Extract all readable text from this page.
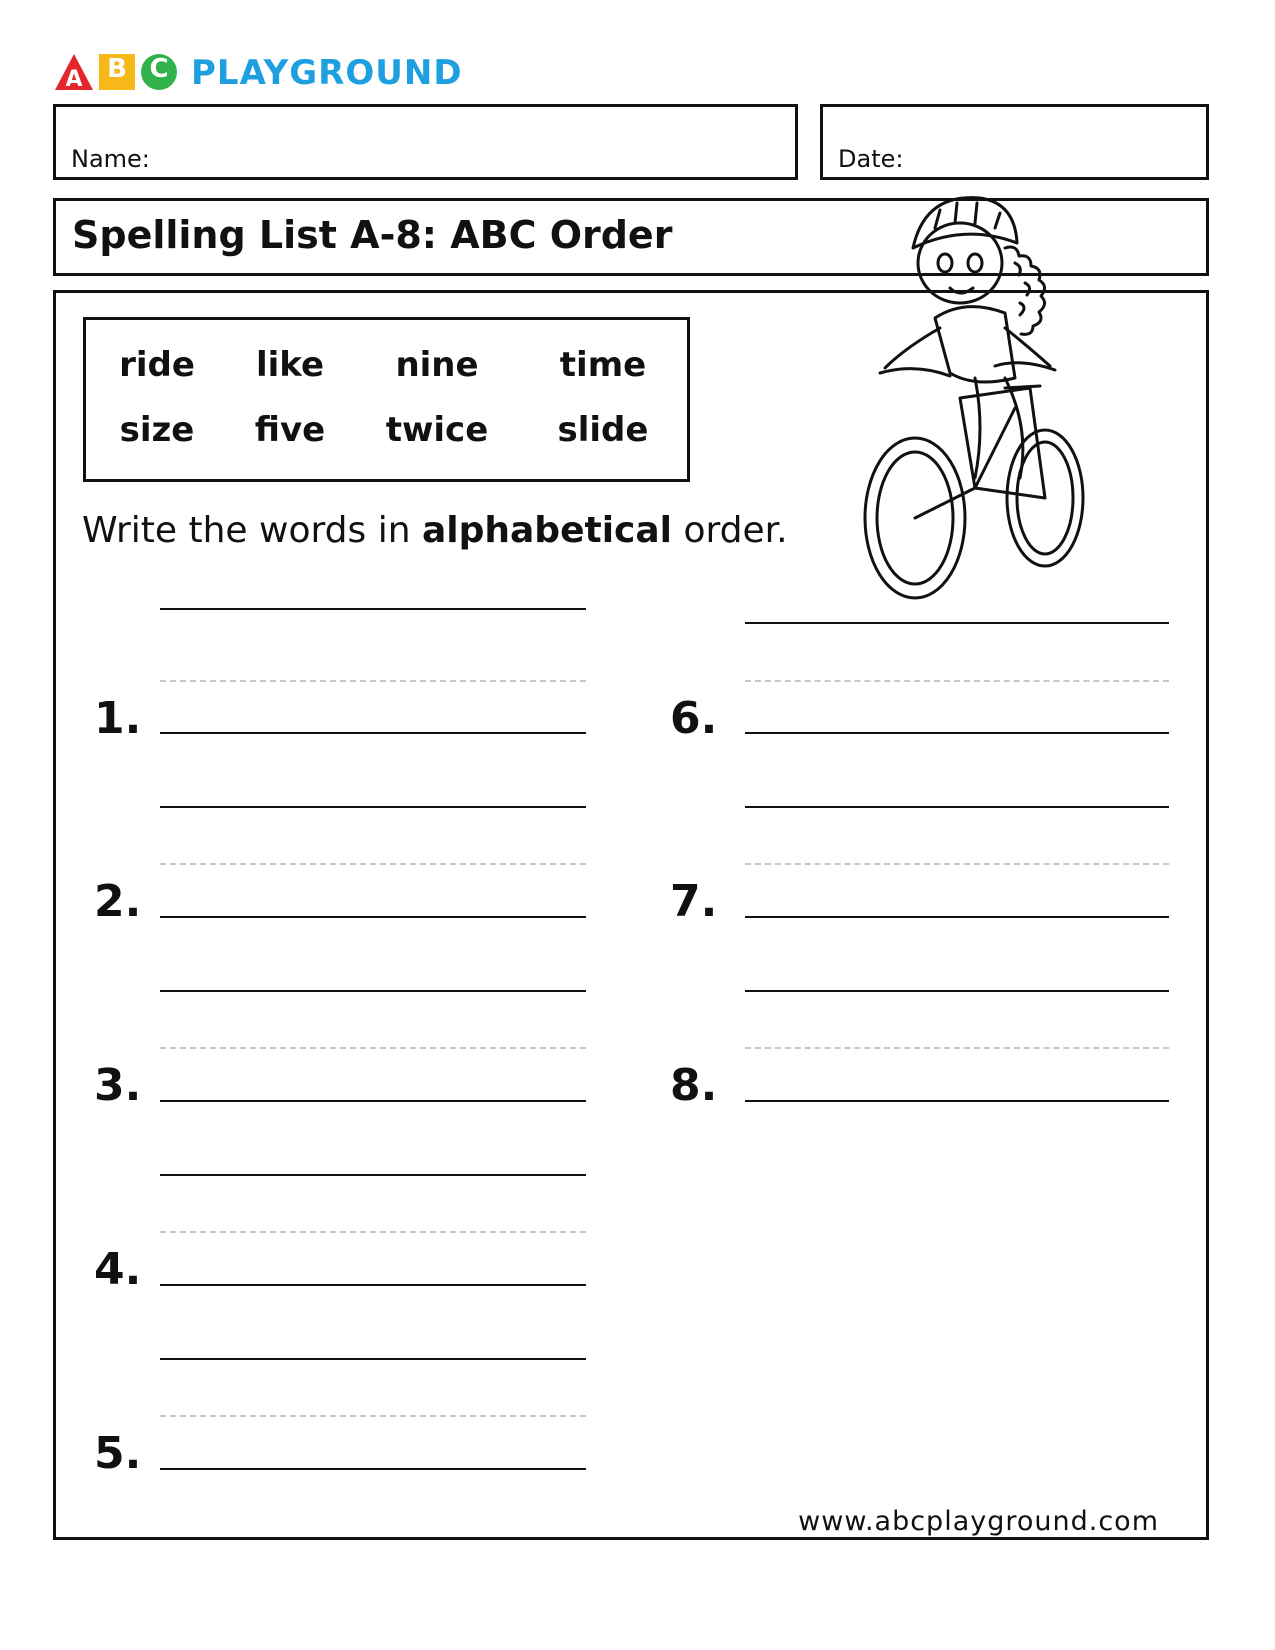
A B C PLAYGROUND
Name:	Date:
Spelling List A-8: ABC Order
ride	like	nine	time
size	five	twice	slide
Write the words in alphabetical order.
1.
2.
3.
4.
5.
6.
7.
8.
www.abcplayground.com
